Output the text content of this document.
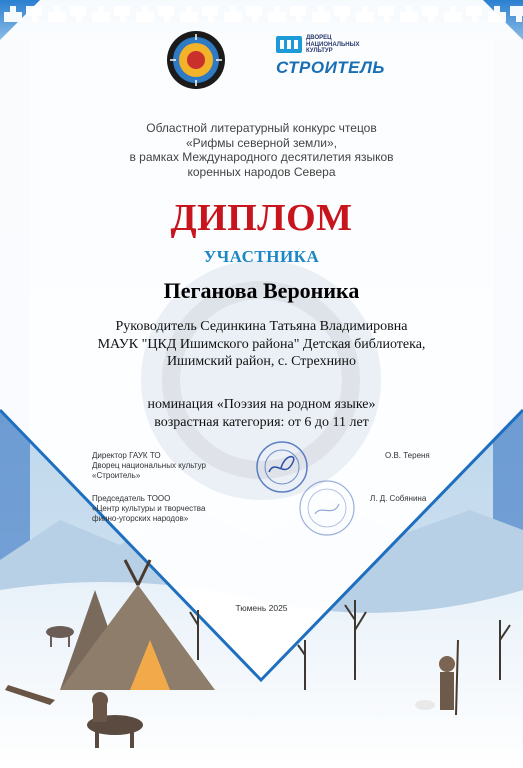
ДВОРЕЦ
НАЦИОНАЛЬНЫХ
КУЛЬТУР
СТРОИТЕЛЬ
Областной литературный конкурс чтецов
«Рифмы северной земли»,
в рамках Международного десятилетия языков
коренных народов Севера
ДИПЛОМ
УЧАСТНИКА
Пеганова Вероника
Руководитель Сединкина Татьяна Владимировна
МАУК "ЦКД Ишимского района" Детская библиотека,
Ишимский район, с. Стрехнино
номинация «Поэзия на родном языке»
возрастная категория: от 6 до 11 лет
Директор ГАУК ТО
Дворец национальных культур
«Строитель»
О.В. Тереня
Председатель ТООО
«Центр культуры и творчества
финно-угорских народов»
Л. Д. Собянина
Тюмень 2025
